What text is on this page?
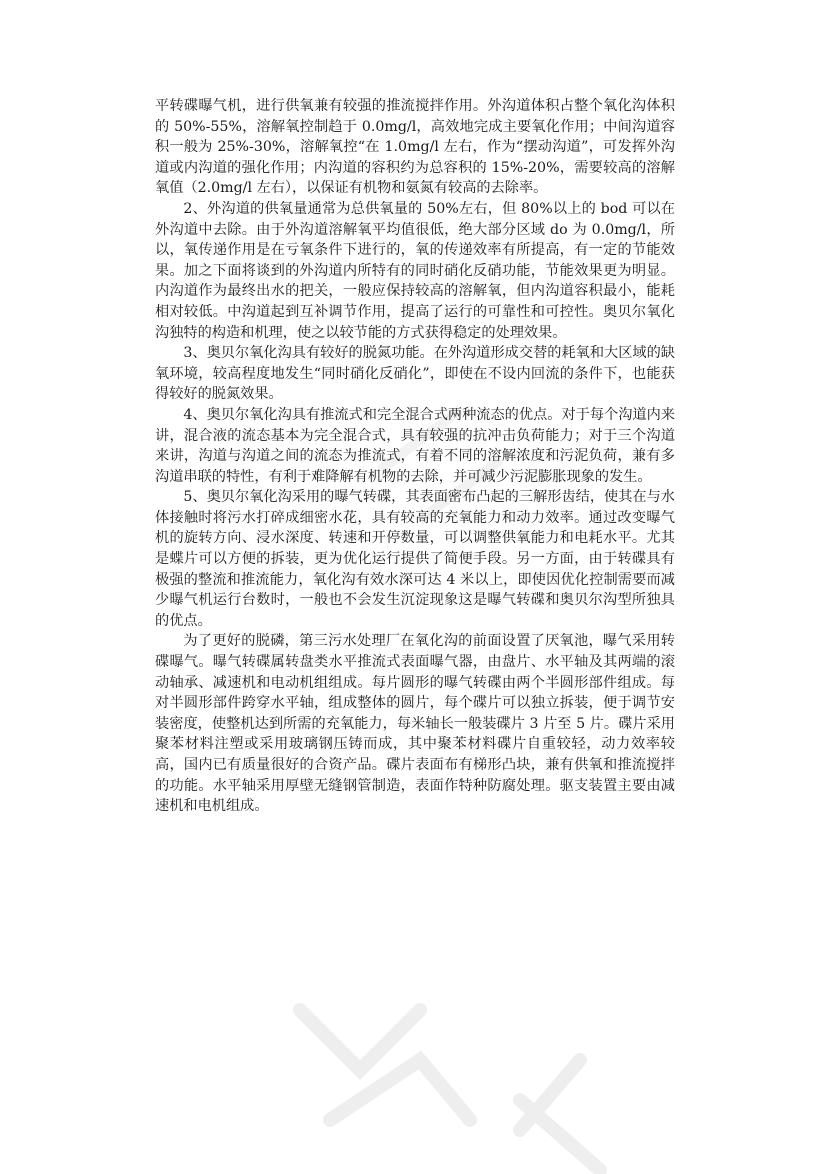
平转碟曝气机，进行供氧兼有较强的推流搅拌作用。外沟道体积占整个氧化沟体积的 50%-55%，溶解氧控制趋于 0.0mg/l，高效地完成主要氧化作用；中间沟道容积一般为 25%-30%，溶解氧控“在 1.0mg/l 左右，作为“摆动沟道”，可发挥外沟道或内沟道的强化作用；内沟道的容积约为总容积的 15%-20%，需要较高的溶解氧值（2.0mg/l 左右），以保证有机物和氨氮有较高的去除率。

2、外沟道的供氧量通常为总供氧量的 50%左右，但 80%以上的 bod 可以在外沟道中去除。由于外沟道溶解氧平均值很低，绝大部分区域 do 为 0.0mg/l，所以，氧传递作用是在亏氧条件下进行的，氧的传递效率有所提高，有一定的节能效果。加之下面将谈到的外沟道内所特有的同时硝化反硝功能，节能效果更为明显。内沟道作为最终出水的把关，一般应保持较高的溶解氧，但内沟道容积最小，能耗相对较低。中沟道起到互补调节作用，提高了运行的可靠性和可控性。奥贝尔氧化沟独特的构造和机理，使之以较节能的方式获得稳定的处理效果。

3、奥贝尔氧化沟具有较好的脱氮功能。在外沟道形成交替的耗氧和大区域的缺氧环境，较高程度地发生“同时硝化反硝化”，即使在不设内回流的条件下，也能获得较好的脱氮效果。

4、奥贝尔氧化沟具有推流式和完全混合式两种流态的优点。对于每个沟道内来讲，混合液的流态基本为完全混合式，具有较强的抗冲击负荷能力；对于三个沟道来讲，沟道与沟道之间的流态为推流式，有着不同的溶解浓度和污泥负荷，兼有多沟道串联的特性，有利于难降解有机物的去除，并可减少污泥膨胀现象的发生。

5、奥贝尔氧化沟采用的曝气转碟，其表面密布凸起的三解形齿结，使其在与水体接触时将污水打碎成细密水花，具有较高的充氧能力和动力效率。通过改变曝气机的旋转方向、浸水深度、转速和开停数量，可以调整供氧能力和电耗水平。尤其是蝶片可以方便的拆装，更为优化运行提供了简便手段。另一方面，由于转碟具有极强的整流和推流能力，氧化沟有效水深可达 4 米以上，即使因优化控制需要而减少曝气机运行台数时，一般也不会发生沉淀现象这是曝气转碟和奥贝尔沟型所独具的优点。

为了更好的脱磷，第三污水处理厂在氧化沟的前面设置了厌氧池，曝气采用转碟曝气。曝气转碟属转盘类水平推流式表面曝气器，由盘片、水平轴及其两端的滚动轴承、减速机和电动机组组成。每片圆形的曝气转碟由两个半圆形部件组成。每对半圆形部件跨穿水平轴，组成整体的圆片，每个碟片可以独立拆装，便于调节安装密度，使整机达到所需的充氧能力，每米轴长一般装碟片 3 片至 5 片。碟片采用聚苯材料注塑或采用玻璃钢压铸而成，其中聚苯材料碟片自重较轻，动力效率较高，国内已有质量很好的合资产品。碟片表面布有梯形凸块，兼有供氧和推流搅拌的功能。水平轴采用厚壁无缝钢管制造，表面作特种防腐处理。驱支装置主要由减速机和电机组成。
